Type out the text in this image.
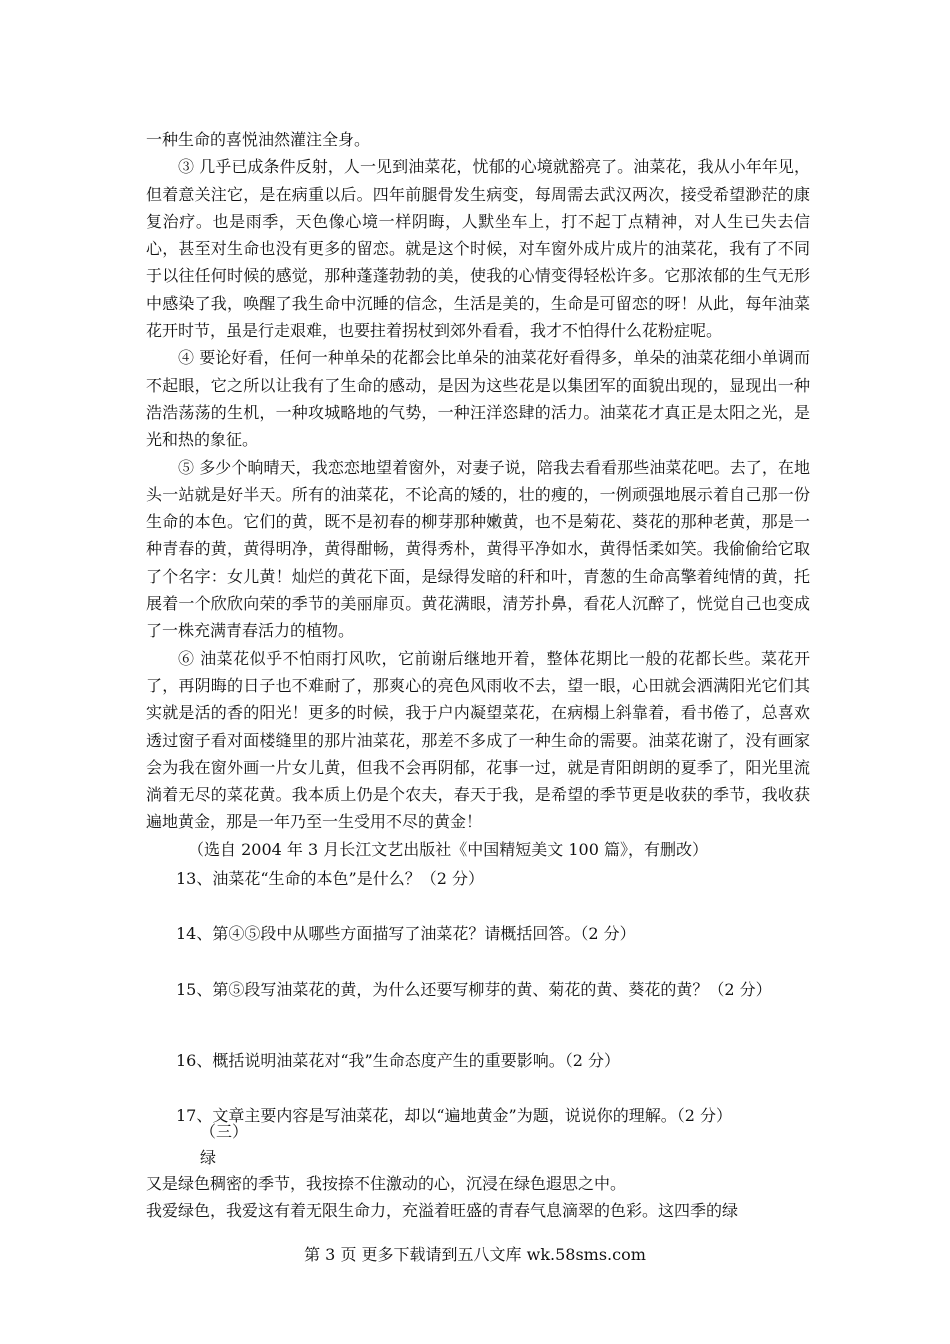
一种生命的喜悦油然灌注全身。
③ 几乎已成条件反射，人一见到油菜花，忧郁的心境就豁亮了。油菜花，我从小年年见，但着意关注它，是在病重以后。四年前腿骨发生病变，每周需去武汉两次，接受希望渺茫的康复治疗。也是雨季，天色像心境一样阴晦，人默坐车上，打不起丁点精神，对人生已失去信心，甚至对生命也没有更多的留恋。就是这个时候，对车窗外成片成片的油菜花，我有了不同于以往任何时候的感觉，那种蓬蓬勃勃的美，使我的心情变得轻松许多。它那浓郁的生气无形中感染了我，唤醒了我生命中沉睡的信念，生活是美的，生命是可留恋的呀！从此，每年油菜花开时节，虽是行走艰难，也要拄着拐杖到郊外看看，我才不怕得什么花粉症呢。
④ 要论好看，任何一种单朵的花都会比单朵的油菜花好看得多，单朵的油菜花细小单调而不起眼，它之所以让我有了生命的感动，是因为这些花是以集团军的面貌出现的，显现出一种浩浩荡荡的生机，一种攻城略地的气势，一种汪洋恣肆的活力。油菜花才真正是太阳之光，是光和热的象征。
⑤ 多少个晌晴天，我恋恋地望着窗外，对妻子说，陪我去看看那些油菜花吧。去了，在地头一站就是好半天。所有的油菜花，不论高的矮的，壮的瘦的，一例顽强地展示着自己那一份生命的本色。它们的黄，既不是初春的柳芽那种嫩黄，也不是菊花、葵花的那种老黄，那是一种青春的黄，黄得明净，黄得酣畅，黄得秀朴，黄得平净如水，黄得恬柔如笑。我偷偷给它取了个名字：女儿黄！灿烂的黄花下面，是绿得发暗的秆和叶，青葱的生命高擎着纯情的黄，托展着一个欣欣向荣的季节的美丽扉页。黄花满眼，清芳扑鼻，看花人沉醉了，恍觉自己也变成了一株充满青春活力的植物。
⑥ 油菜花似乎不怕雨打风吹，它前谢后继地开着，整体花期比一般的花都长些。菜花开了，再阴晦的日子也不难耐了，那爽心的亮色风雨收不去，望一眼，心田就会洒满阳光它们其实就是活的香的阳光！更多的时候，我于户内凝望菜花，在病榻上斜靠着，看书倦了，总喜欢透过窗子看对面楼缝里的那片油菜花，那差不多成了一种生命的需要。油菜花谢了，没有画家会为我在窗外画一片女儿黄，但我不会再阴郁，花事一过，就是青阳朗朗的夏季了，阳光里流淌着无尽的菜花黄。我本质上仍是个农夫，春天于我，是希望的季节更是收获的季节，我收获遍地黄金，那是一年乃至一生受用不尽的黄金！
（选自 2004 年 3 月长江文艺出版社《中国精短美文 100 篇》，有删改）
13、油菜花“生命的本色”是什么？（2 分）
14、第④⑤段中从哪些方面描写了油菜花？请概括回答。（2 分）
15、第⑤段写油菜花的黄，为什么还要写柳芽的黄、菊花的黄、葵花的黄？（2 分）
16、概括说明油菜花对“我”生命态度产生的重要影响。（2 分）
17、文章主要内容是写油菜花，却以“遍地黄金”为题，说说你的理解。（2 分）
（三）
绿
又是绿色稠密的季节，我按捺不住激动的心，沉浸在绿色遐思之中。
我爱绿色，我爱这有着无限生命力，充溢着旺盛的青春气息滴翠的色彩。这四季的绿
第 3 页 更多下载请到五八文库 wk.58sms.com
